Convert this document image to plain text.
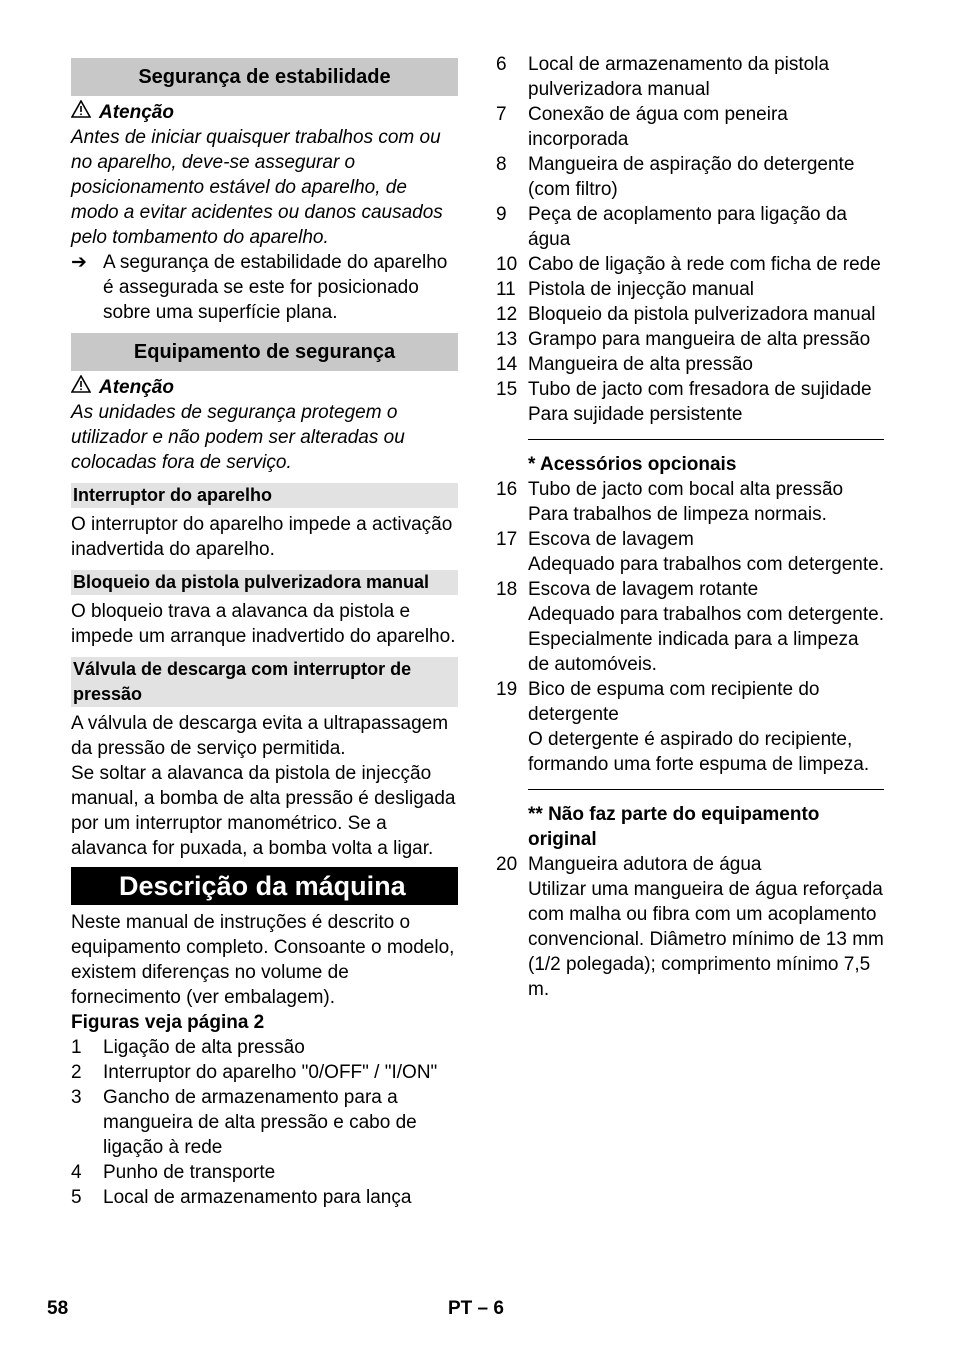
Segurança de estabilidade
Atenção

Antes de iniciar quaisquer trabalhos com ou no aparelho, deve-se assegurar o posicionamento estável do aparelho, de modo a evitar acidentes ou danos causados pelo tombamento do aparelho.

➔ A segurança de estabilidade do aparelho é assegurada se este for posicionado sobre uma superfície plana.
Equipamento de segurança
Atenção

As unidades de segurança protegem o utilizador e não podem ser alteradas ou colocadas fora de serviço.

Interruptor do aparelho

O interruptor do aparelho impede a activação inadvertida do aparelho.

Bloqueio da pistola pulverizadora manual

O bloqueio trava a alavanca da pistola e impede um arranque inadvertido do aparelho.

Válvula de descarga com interruptor de pressão

A válvula de descarga evita a ultrapassagem da pressão de serviço permitida.

Se soltar a alavanca da pistola de injecção manual, a bomba de alta pressão é desligada por um interruptor manométrico. Se a alavanca for puxada, a bomba volta a ligar.

Descrição da máquina

Neste manual de instruções é descrito o equipamento completo. Consoante o modelo, existem diferenças no volume de fornecimento (ver embalagem).

Figuras veja página 2

1	Ligação de alta pressão
2	Interruptor do aparelho "0/OFF" / "I/ON"
3	Gancho de armazenamento para a mangueira de alta pressão e cabo de ligação à rede
4	Punho de transporte
5	Local de armazenamento para lança
6	Local de armazenamento da pistola pulverizadora manual
7	Conexão de água com peneira incorporada
8	Mangueira de aspiração do detergente (com filtro)
9	Peça de acoplamento para ligação da água
10 Cabo de ligação à rede com ficha de rede
11 Pistola de injecção manual
12 Bloqueio da pistola pulverizadora manual
13 Grampo para mangueira de alta pressão
14 Mangueira de alta pressão
15 Tubo de jacto com fresadora de sujidade

Para sujidade persistente

* Acessórios opcionais

16 Tubo de jacto com bocal alta pressão

Para trabalhos de limpeza normais.

17 Escova de lavagem

Adequado para trabalhos com detergente.

18 Escova de lavagem rotante

Adequado para trabalhos com detergente.

Especialmente indicada para a limpeza de automóveis.

19 Bico de espuma com recipiente do detergente

O detergente é aspirado do recipiente, formando uma forte espuma de limpeza.

** Não faz parte do equipamento original

20 Mangueira adutora de água

Utilizar uma mangueira de água reforçada com malha ou fibra com um acoplamento convencional. Diâmetro mínimo de 13 mm (1/2 polegada); comprimento mínimo 7,5 m.

58	PT – 6
